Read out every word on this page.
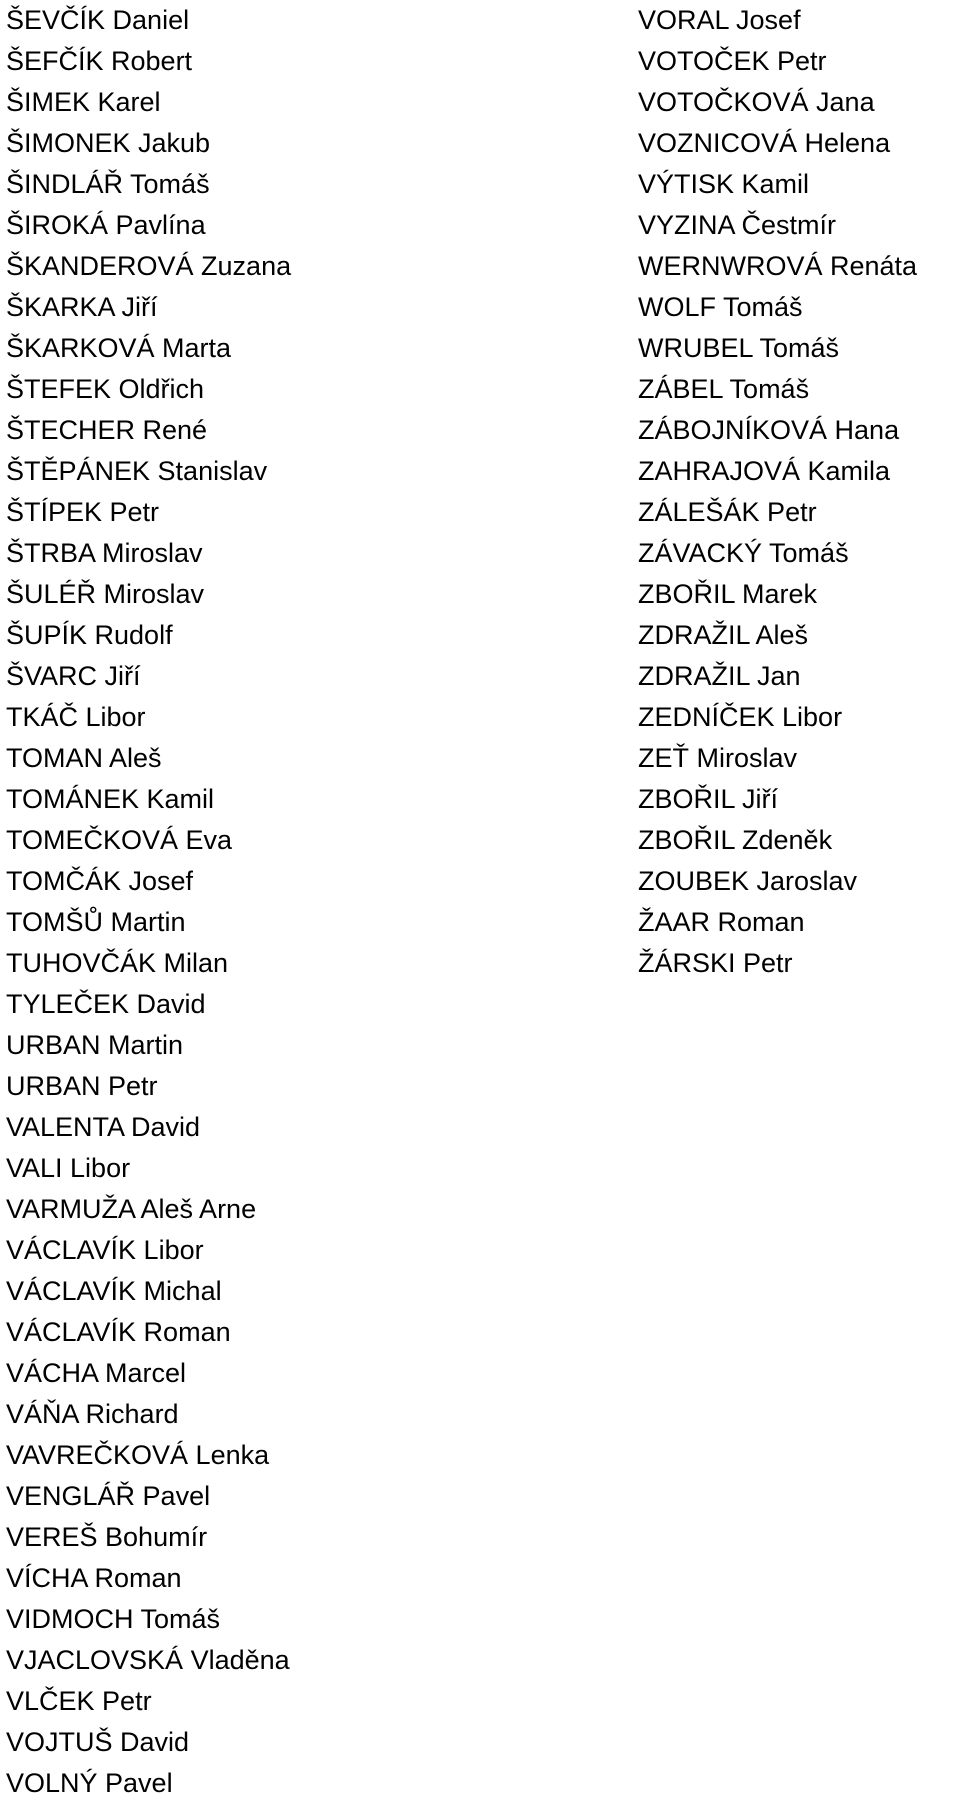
ŠEVČÍK Daniel
ŠEFČÍK Robert
ŠIMEK Karel
ŠIMONEK Jakub
ŠINDLÁŘ Tomáš
ŠIROKÁ Pavlína
ŠKANDEROVÁ Zuzana
ŠKARKA Jiří
ŠKARKOVÁ Marta
ŠTEFEK Oldřich
ŠTECHER René
ŠTĚPÁNEK Stanislav
ŠTÍPEK Petr
ŠTRBA Miroslav
ŠULÉŘ Miroslav
ŠUPÍK Rudolf
ŠVARC Jiří
TKÁČ Libor
TOMAN Aleš
TOMÁNEK Kamil
TOMEČKOVÁ Eva
TOMČÁK Josef
TOMŠŮ Martin
TUHOVČÁK Milan
TYLEČEK David
URBAN Martin
URBAN Petr
VALENTA David
VALI Libor
VARMUŽA Aleš Arne
VÁCLAVÍK Libor
VÁCLAVÍK Michal
VÁCLAVÍK Roman
VÁCHA Marcel
VÁŇA Richard
VAVREČKOVÁ Lenka
VENGLÁŘ Pavel
VEREŠ Bohumír
VÍCHA Roman
VIDMOCH Tomáš
VJACLOVSKÁ Vladěna
VLČEK Petr
VOJTUŠ David
VOLNÝ Pavel
VORAL Josef
VOTOČEK Petr
VOTOČKOVÁ Jana
VOZNICOVÁ Helena
VÝTISK Kamil
VYZINA Čestmír
WERNWROVÁ Renáta
WOLF Tomáš
WRUBEL Tomáš
ZÁBEL Tomáš
ZÁBOJNÍKOVÁ Hana
ZAHRAJOVÁ Kamila
ZÁLEŠÁK Petr
ZÁVACKÝ Tomáš
ZBOŘIL Marek
ZDRAŽIL Aleš
ZDRAŽIL Jan
ZEDNÍČEK Libor
ZEŤ Miroslav
ZBOŘIL Jiří
ZBOŘIL Zdeněk
ZOUBEK Jaroslav
ŽAAR Roman
ŽÁRSKI Petr
